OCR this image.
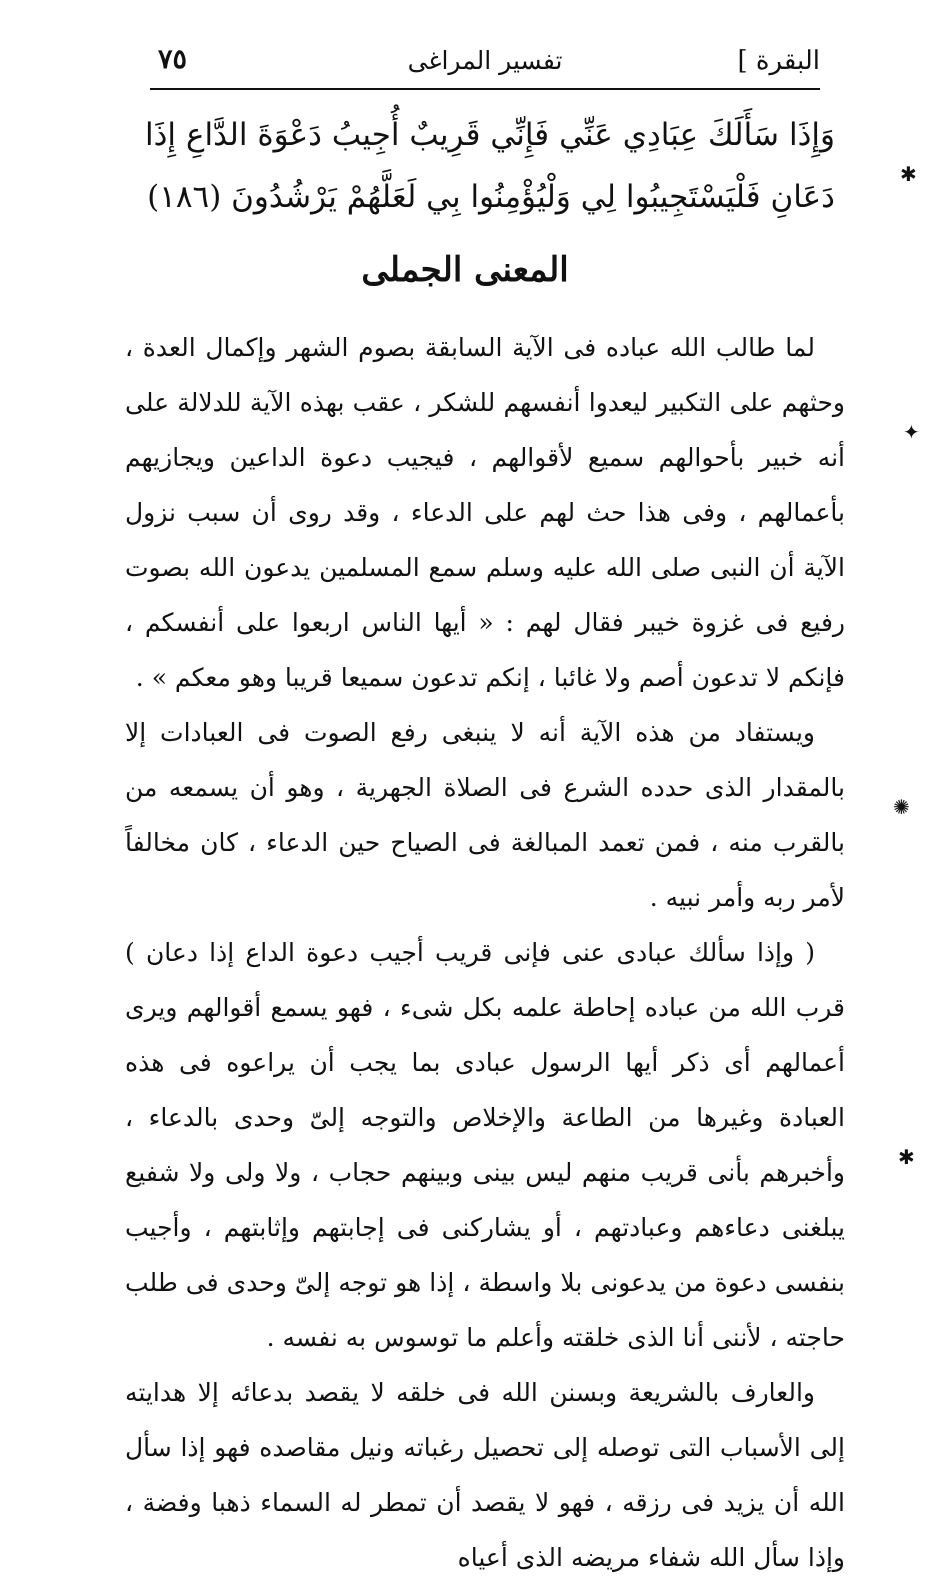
البقرة ]
تفسير المراغى
٧٥
وَإِذَا سَأَلَكَ عِبَادِي عَنِّي فَإِنِّي قَرِيبٌ أُجِيبُ دَعْوَةَ الدَّاعِ إِذَا دَعَانِ فَلْيَسْتَجِيبُوا لِي وَلْيُؤْمِنُوا بِي لَعَلَّهُمْ يَرْشُدُونَ (١٨٦)
المعنى الجملى

لما طالب الله عباده فى الآية السابقة بصوم الشهر وإكمال العدة ، وحثهم على التكبير ليعدوا أنفسهم للشكر ، عقب بهذه الآية للدلالة على أنه خبير بأحوالهم سميع لأقوالهم ، فيجيب دعوة الداعين ويجازيهم بأعمالهم ، وفى هذا حث لهم على الدعاء ، وقد روى أن سبب نزول الآية أن النبى صلى الله عليه وسلم سمع المسلمين يدعون الله بصوت رفيع فى غزوة خيبر فقال لهم : « أيها الناس اربعوا على أنفسكم ، فإنكم لا تدعون أصم ولا غائبا ، إنكم تدعون سميعا قريبا وهو معكم » .

ويستفاد من هذه الآية أنه لا ينبغى رفع الصوت فى العبادات إلا بالمقدار الذى حدده الشرع فى الصلاة الجهرية ، وهو أن يسمعه من بالقرب منه ، فمن تعمد المبالغة فى الصياح حين الدعاء ، كان مخالفاً لأمر ربه وأمر نبيه .

( وإذا سألك عبادى عنى فإنى قريب أجيب دعوة الداع إذا دعان ) قرب الله من عباده إحاطة علمه بكل شىء ، فهو يسمع أقوالهم ويرى أعمالهم أى ذكر أيها الرسول عبادى بما يجب أن يراعوه فى هذه العبادة وغيرها من الطاعة والإخلاص والتوجه إلىّ وحدى بالدعاء ، وأخبرهم بأنى قريب منهم ليس بينى وبينهم حجاب ، ولا ولى ولا شفيع يبلغنى دعاءهم وعبادتهم ، أو يشاركنى فى إجابتهم وإثابتهم ، وأجيب بنفسى دعوة من يدعونى بلا واسطة ، إذا هو توجه إلىّ وحدى فى طلب حاجته ، لأننى أنا الذى خلقته وأعلم ما توسوس به نفسه .

والعارف بالشريعة وبسنن الله فى خلقه لا يقصد بدعائه إلا هدايته إلى الأسباب التى توصله إلى تحصيل رغباته ونيل مقاصده فهو إذا سأل الله أن يزيد فى رزقه ، فهو لا يقصد أن تمطر له السماء ذهبا وفضة ، وإذا سأل الله شفاء مريضه الذى أعياه

✱
✦
✺
✱
